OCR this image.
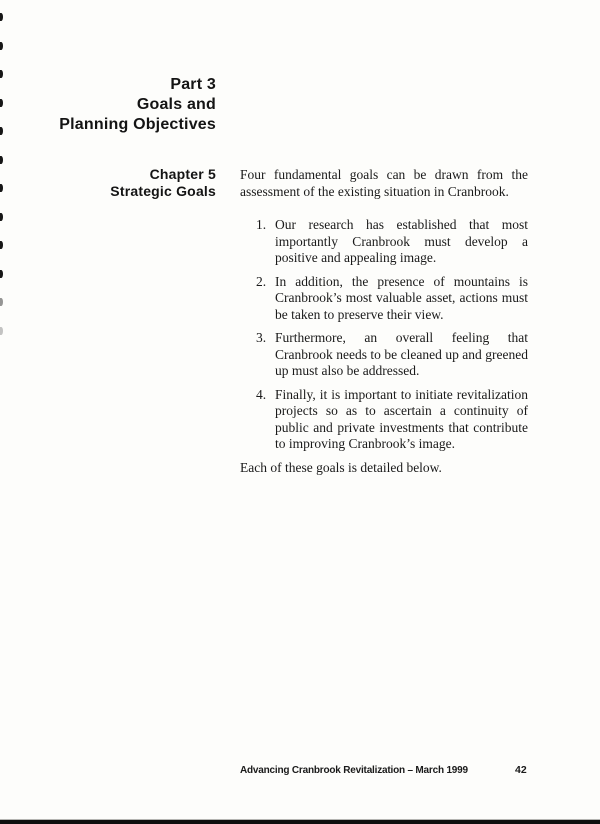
Part 3
Goals and
Planning Objectives
Chapter 5
Strategic Goals

Four fundamental goals can be drawn from the assessment of the existing situation in Cranbrook.

1. Our research has established that most importantly Cranbrook must develop a positive and appealing image.
2. In addition, the presence of mountains is Cranbrook’s most valuable asset, actions must be taken to preserve their view.
3. Furthermore, an overall feeling that Cranbrook needs to be cleaned up and greened up must also be addressed.
4. Finally, it is important to initiate revitalization projects so as to ascertain a continuity of public and private investments that contribute to improving Cranbrook’s image.

Each of these goals is detailed below.

Advancing Cranbrook Revitalization – March 1999	42
